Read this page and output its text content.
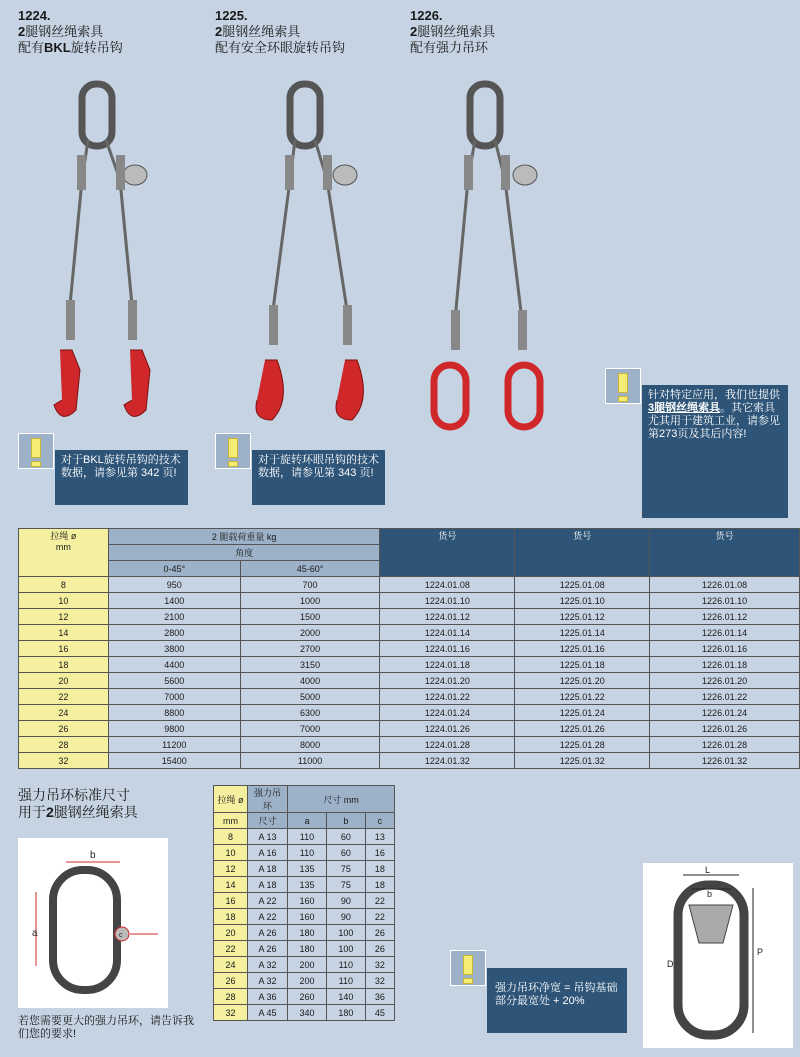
1224.
2腿钢丝绳索具
配有BKL旋转吊钩
1225.
2腿钢丝绳索具
配有安全环眼旋转吊钩
1226.
2腿钢丝绳索具
配有强力吊环
对于BKL旋转吊钩的技术数据，请参见第 342 页!
对于旋转环眼吊钩的技术数据，请参见第 343 页!
针对特定应用，我们也提供3腿钢丝绳索具。其它索具尤其用于建筑工业，请参见第273页及其后内容!
拉绳 ø
mm	2 腿载荷重量 kg		货号	货号	货号
	角度				
	0-45°	45-60°			
8	950	700	1224.01.08	1225.01.08	1226.01.08
10	1400	1000	1224.01.10	1225.01.10	1226.01.10
12	2100	1500	1224.01.12	1225.01.12	1226.01.12
14	2800	2000	1224.01.14	1225.01.14	1226.01.14
16	3800	2700	1224.01.16	1225.01.16	1226.01.16
18	4400	3150	1224.01.18	1225.01.18	1226.01.18
20	5600	4000	1224.01.20	1225.01.20	1226.01.20
22	7000	5000	1224.01.22	1225.01.22	1226.01.22
24	8800	6300	1224.01.24	1225.01.24	1226.01.24
26	9800	7000	1224.01.26	1225.01.26	1226.01.26
28	11200	8000	1224.01.28	1225.01.28	1226.01.28
32	15400	11000	1224.01.32	1225.01.32	1226.01.32
强力吊环标准尺寸
用于2腿钢丝绳索具
拉绳 ø	强力吊环	尺寸 mm		
mm	尺寸			
		a	b	c
8	A 13	110	60	13
10	A 16	110	60	16
12	A 18	135	75	18
14	A 18	135	75	18
16	A 22	160	90	22
18	A 22	160	90	22
20	A 26	180	100	26
22	A 26	180	100	26
24	A 32	200	110	32
26	A 32	200	110	32
28	A 36	260	140	36
32	A 45	340	180	45
b
a	c
若您需要更大的强力吊环，请告诉我们您的要求!
强力吊环净宽 = 吊钩基础部分最宽处 + 20%
L
b
D
P
